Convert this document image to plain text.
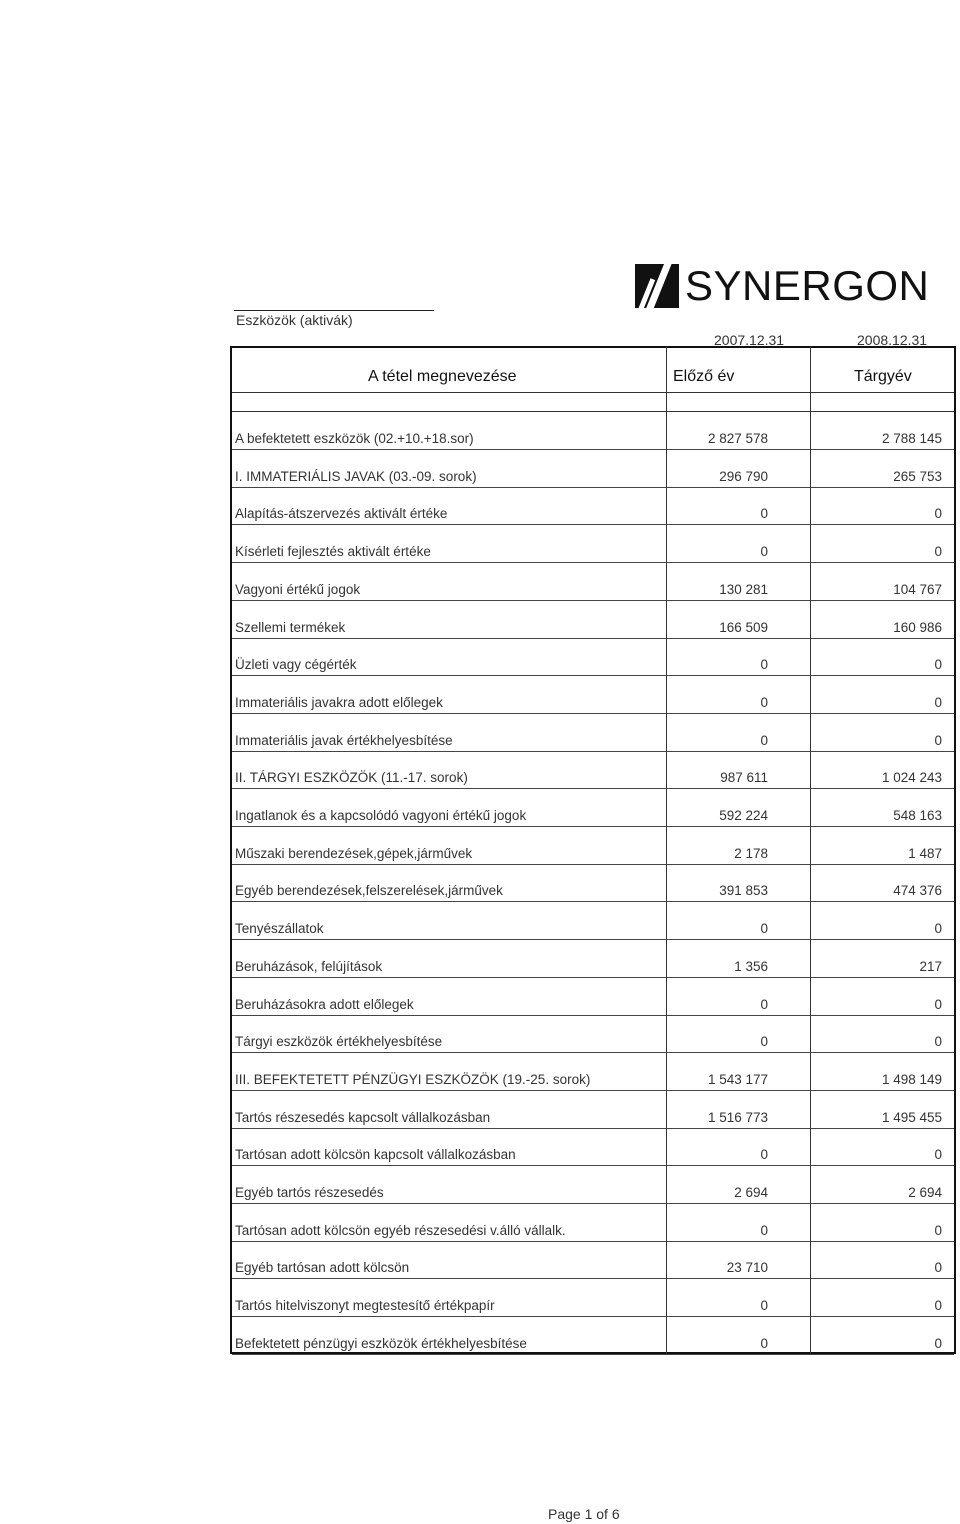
SYNERGON
Eszközök (aktivák)
2007.12.31	2008.12.31
A tétel megnevezése	Előző év	Tárgyév
A befektetett eszközök (02.+10.+18.sor)	2 827 578	2 788 145
I. IMMATERIÁLIS JAVAK (03.-09. sorok)	296 790	265 753
Alapítás-átszervezés aktivált értéke	0	0
Kísérleti fejlesztés aktivált értéke	0	0
Vagyoni értékű jogok	130 281	104 767
Szellemi termékek	166 509	160 986
Üzleti vagy cégérték	0	0
Immateriális javakra adott előlegek	0	0
Immateriális javak értékhelyesbítése	0	0
II. TÁRGYI ESZKÖZÖK (11.-17. sorok)	987 611	1 024 243
Ingatlanok és a kapcsolódó vagyoni értékű jogok	592 224	548 163
Műszaki berendezések,gépek,járművek	2 178	1 487
Egyéb berendezések,felszerelések,járművek	391 853	474 376
Tenyészállatok	0	0
Beruházások, felújítások	1 356	217
Beruházásokra adott előlegek	0	0
Tárgyi eszközök értékhelyesbítése	0	0
III. BEFEKTETETT PÉNZÜGYI ESZKÖZÖK (19.-25. sorok)	1 543 177	1 498 149
Tartós részesedés kapcsolt vállalkozásban	1 516 773	1 495 455
Tartósan adott kölcsön kapcsolt vállalkozásban	0	0
Egyéb tartós részesedés	2 694	2 694
Tartósan adott kölcsön egyéb részesedési v.álló vállalk.	0	0
Egyéb tartósan adott kölcsön	23 710	0
Tartós hitelviszonyt megtestesítő értékpapír	0	0
Befektetett pénzügyi eszközök értékhelyesbítése	0	0
Page 1 of 6
